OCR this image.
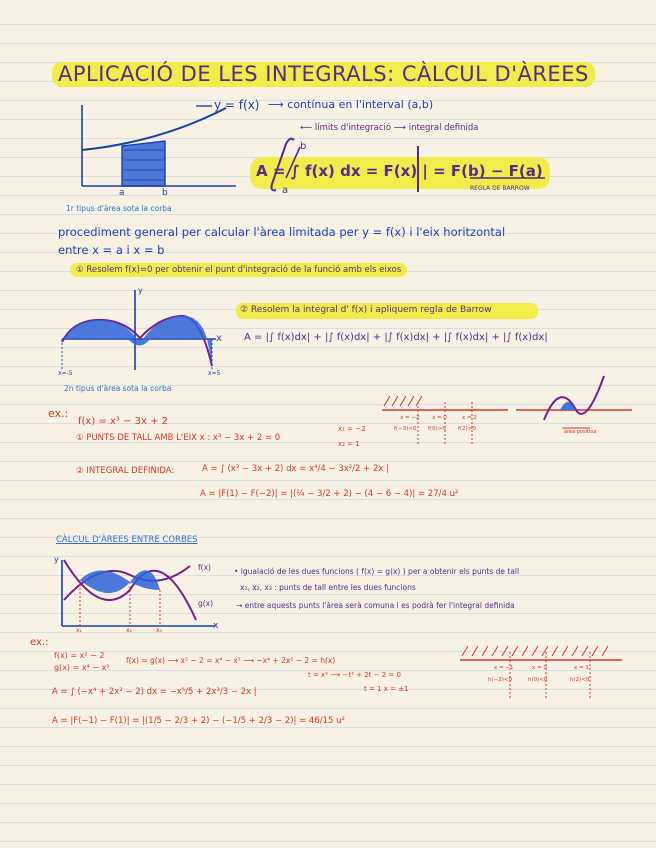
APLICACIÓ DE LES INTEGRALS: CÀLCUL D'ÀREES
y = f(x) ⟶ contínua en l'interval (a,b)
⟵ límits d'integració ⟶ integral definida
A = ∫ f(x) dx = F(x) | = F(b) − F(a)
b
a	REGLA DE BARROW
a	b
1r tipus d'àrea sota la corba
procediment general per calcular l'àrea limitada per y = f(x) i l'eix horitzontal
entre x = a i x = b
① Resolem f(x)=0 per obtenir el punt d'integració de la funció amb els eixos
② Resolem la integral d' f(x) i apliquem regla de Barrow
A = |∫ f(x)dx| + |∫ f(x)dx| + |∫ f(x)dx| + |∫ f(x)dx| + |∫ f(x)dx|
y
x
x=-5	x=5
2n tipus d'àrea sota la corba
ex.:
f(x) = x³ − 3x + 2
① PUNTS DE TALL AMB L'EIX x : x³ − 3x + 2 = 0
x₁ = −2
x₂ = 1
② INTEGRAL DEFINIDA:	A = ∫ (x³ − 3x + 2) dx = x⁴/4 − 3x²/2 + 2x |
A = |F(1) − F(−2)| = |(¼ − 3/2 + 2) − (4 − 6 − 4)| = 27/4 u²
x = −2 x = 0	x = 2
f(−3)<0 f(0)>0 f(2)>0	àrea positiva
CÀLCUL D'ÀREES ENTRE CORBES
y
x
f(x)
g(x)
x₁	x₂	x₃
• igualació de les dues funcions ( f(x) = g(x) ) per a obtenir els punts de tall
x₁, x₂, x₃ : punts de tall entre les dues funcions
→ entre aquests punts l'àrea serà comuna i es podrà fer l'integral definida
ex.:
f(x) = x² − 2
g(x) = x⁴ − x²
f(x) = g(x) ⟶ x² − 2 = x⁴ − x² ⟶ −x⁴ + 2x² − 2 = h(x)
t = x² ⟶ −t² + 2t − 2 = 0
t = 1 x = ±1
A = ∫ (−x⁴ + 2x² − 2) dx = −x⁵/5 + 2x³/3 − 2x |
A = |F(−1) − F(1)| = |(1/5 − 2/3 + 2) − (−1/5 + 2/3 − 2)| = 46/15 u²
x = −1	x = 0	x = 1
h(−2)<0	h(0)<0	h(2)<0
